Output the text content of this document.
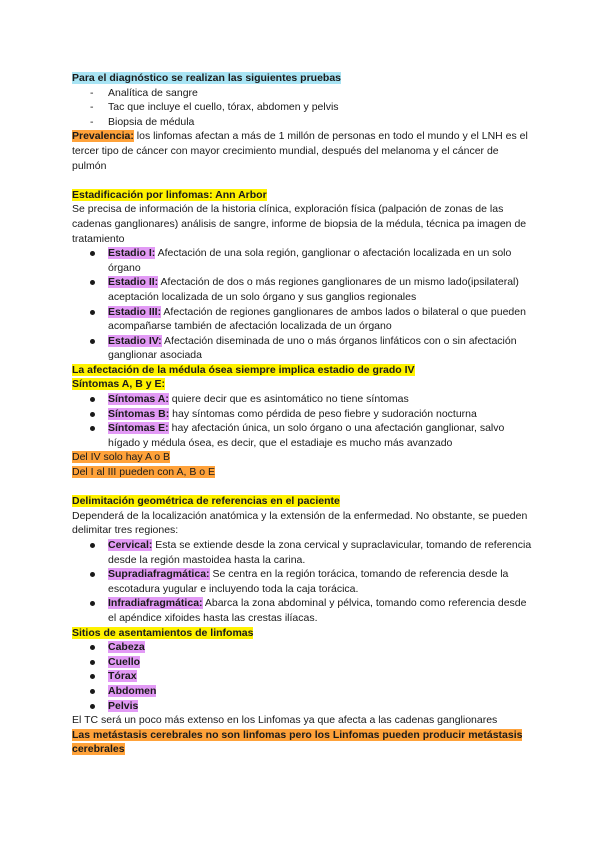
Para el diagnóstico se realizan las siguientes pruebas

- Analítica de sangre
- Tac que incluye el cuello, tórax, abdomen y pelvis
- Biopsia de médula

Prevalencia: los linfomas afectan a más de 1 millón de personas en todo el mundo y el LNH es el tercer tipo de cáncer con mayor crecimiento mundial, después del melanoma y el cáncer de pulmón

Estadificación por linfomas: Ann Arbor

Se precisa de información de la historia clínica, exploración física (palpación de zonas de las cadenas ganglionares) análisis de sangre, informe de biopsia de la médula, técnica pa imagen de tratamiento

Estadio I: Afectación de una sola región, ganglionar o afectación localizada en un solo órgano
Estadio II: Afectación de dos o más regiones ganglionares de un mismo lado(ipsilateral) aceptación localizada de un solo órgano y sus ganglios regionales
Estadio III: Afectación de regiones ganglionares de ambos lados o bilateral o que pueden acompañarse también de afectación localizada de un órgano
Estadio IV: Afectación diseminada de uno o más órganos linfáticos con o sin afectación ganglionar asociada

La afectación de la médula ósea siempre implica estadio de grado IV

Síntomas A, B y E:

Síntomas A: quiere decir que es asintomático no tiene síntomas
Síntomas B: hay síntomas como pérdida de peso fiebre y sudoración nocturna
Síntomas E: hay afectación única, un solo órgano o una afectación ganglionar, salvo hígado y médula ósea, es decir, que el estadiaje es mucho más avanzado

Del IV solo hay A o B

Del I al III pueden con A, B o E

Delimitación geométrica de referencias en el paciente

Dependerá de la localización anatómica y la extensión de la enfermedad. No obstante, se pueden delimitar tres regiones:

Cervical: Esta se extiende desde la zona cervical y supraclavicular, tomando de referencia desde la región mastoidea hasta la carina.
Supradiafragmática: Se centra en la región torácica, tomando de referencia desde la escotadura yugular e incluyendo toda la caja torácica.
Infradiafragmática: Abarca la zona abdominal y pélvica, tomando como referencia desde el apéndice xifoides hasta las crestas ilíacas.

Sitios de asentamientos de linfomas

Cabeza
Cuello
Tórax
Abdomen
Pelvis

El TC será un poco más extenso en los Linfomas ya que afecta a las cadenas ganglionares

Las metástasis cerebrales no son linfomas pero los Linfomas pueden producir metástasis cerebrales
